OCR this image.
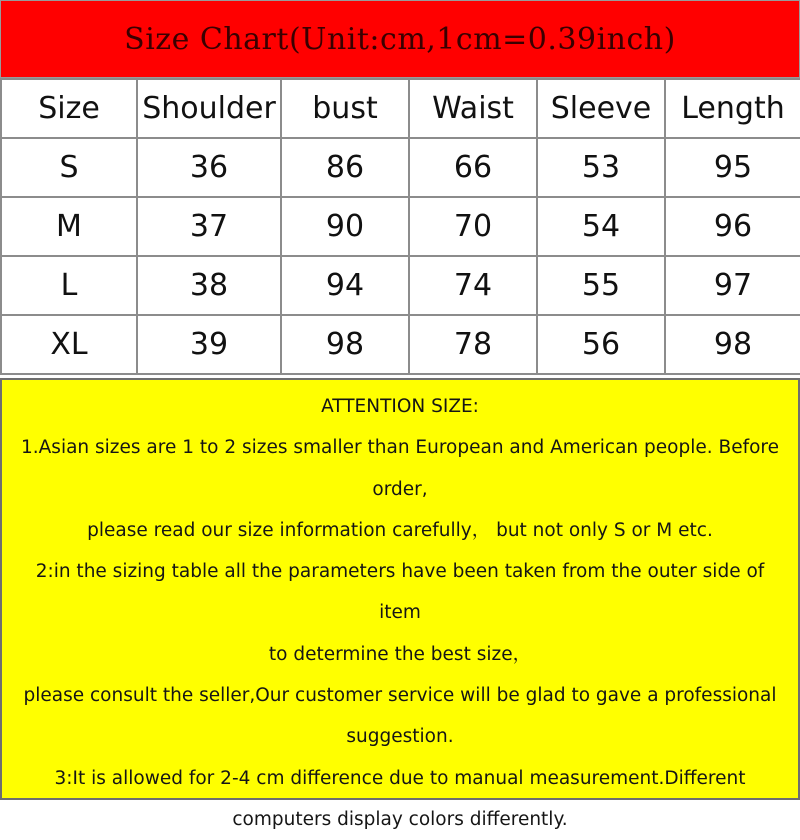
Size Chart(Unit:cm,1cm=0.39inch)
Size	Shoulder	bust	Waist	Sleeve	Length
S	36	86	66	53	95
M	37	90	70	54	96
L	38	94	74	55	97
XL	39	98	78	56	98

ATTENTION SIZE:

1.Asian sizes are 1 to 2 sizes smaller than European and American people. Before

order,

please read our size information carefully， but not only S or M etc.

2:in the sizing table all the parameters have been taken from the outer side of item

to determine the best size，

please consult the seller,Our customer service will be glad to gave a professional

suggestion.

3:It is allowed for 2-4 cm difference due to manual measurement.Different

computers display colors differently.
